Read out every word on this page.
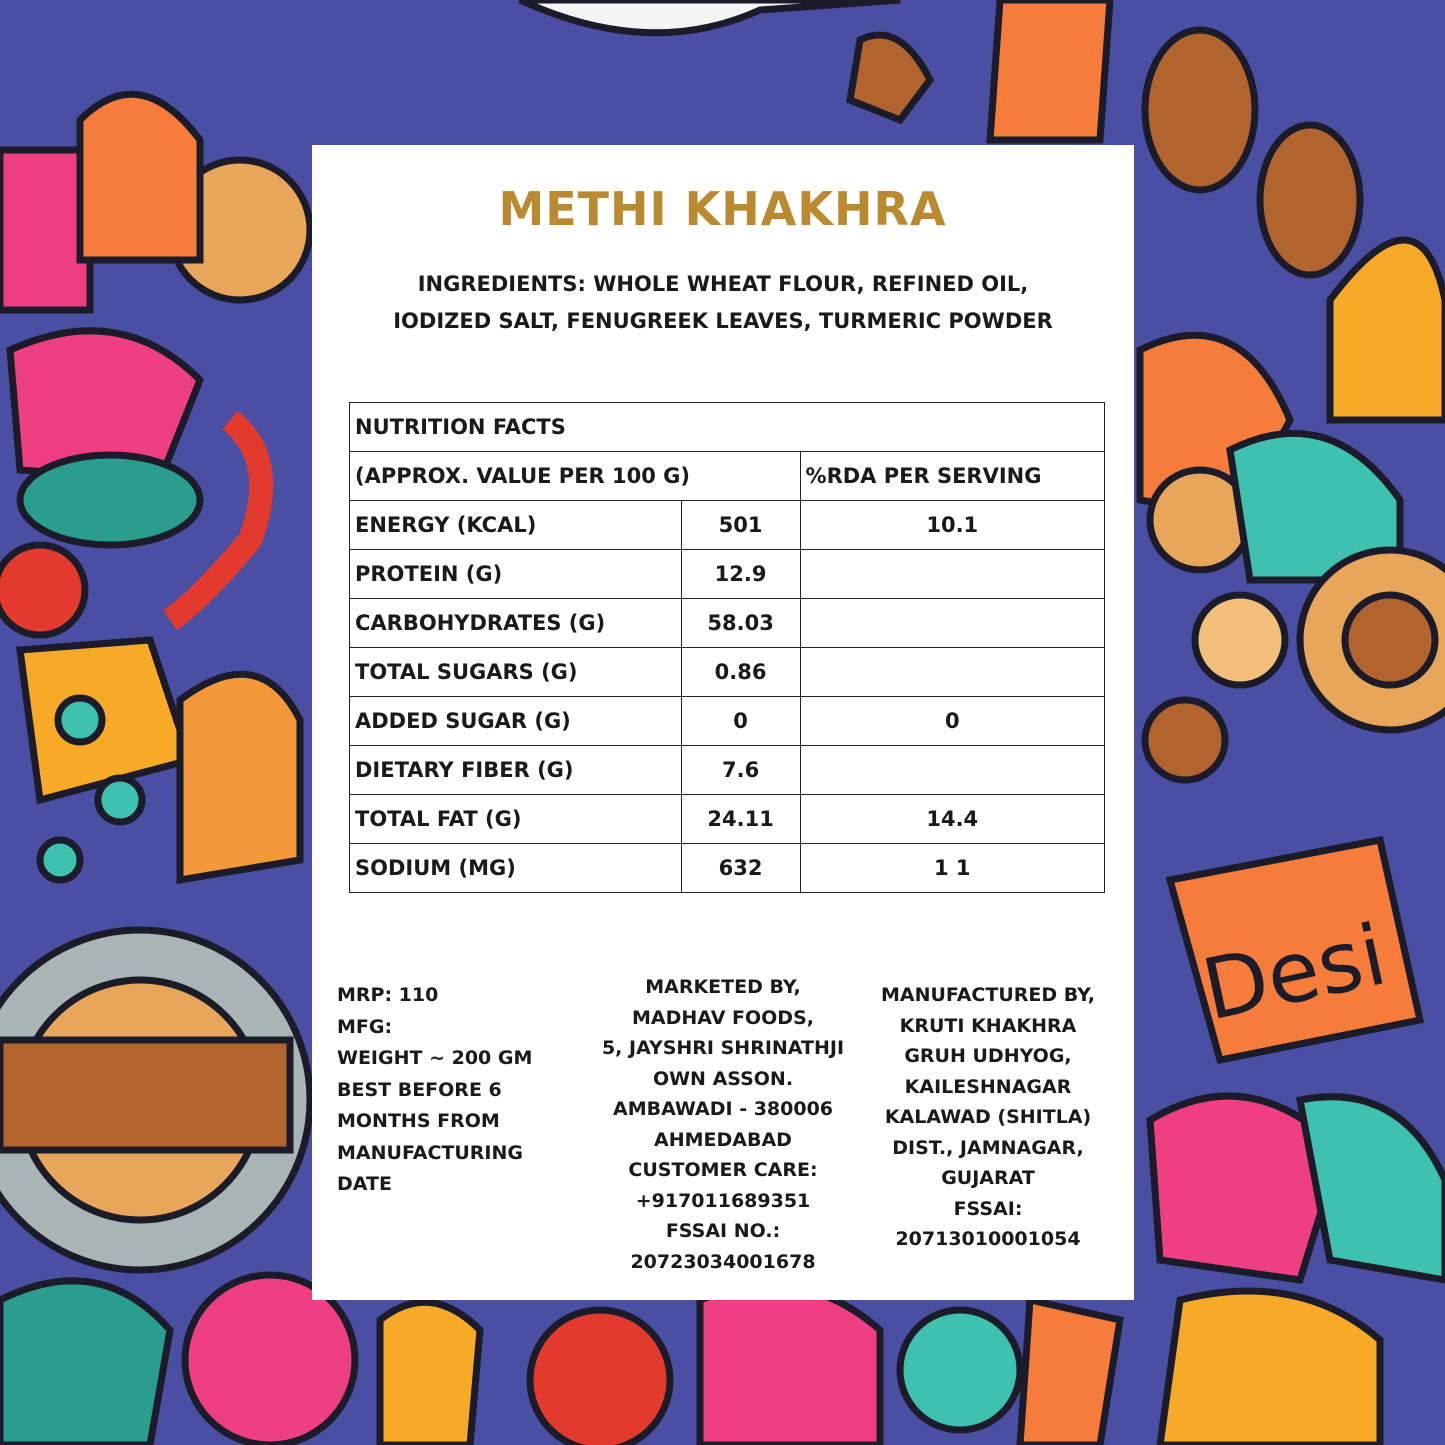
Desi
METHI KHAKHRA
INGREDIENTS: WHOLE WHEAT FLOUR, REFINED OIL,
IODIZED SALT, FENUGREEK LEAVES, TURMERIC POWDER
NUTRITION FACTS		
(APPROX. VALUE PER 100 G)		%RDA PER SERVING
ENERGY (KCAL)	501	10.1
PROTEIN (G)	12.9	
CARBOHYDRATES (G)	58.03	
TOTAL SUGARS (G)	0.86	
ADDED SUGAR (G)	0	0
DIETARY FIBER (G)	7.6	
TOTAL FAT (G)	24.11	14.4
SODIUM (MG)	632	1 1
MRP: 110
MFG:
WEIGHT ~ 200 GM
BEST BEFORE 6
MONTHS FROM
MANUFACTURING
DATE
MARKETED BY,
MADHAV FOODS,
5, JAYSHRI SHRINATHJI
OWN ASSON.
AMBAWADI - 380006
AHMEDABAD
CUSTOMER CARE:
+917011689351
FSSAI NO.:
20723034001678
MANUFACTURED BY,
KRUTI KHAKHRA
GRUH UDHYOG,
KAILESHNAGAR
KALAWAD (SHITLA)
DIST., JAMNAGAR,
GUJARAT
FSSAI:
20713010001054
